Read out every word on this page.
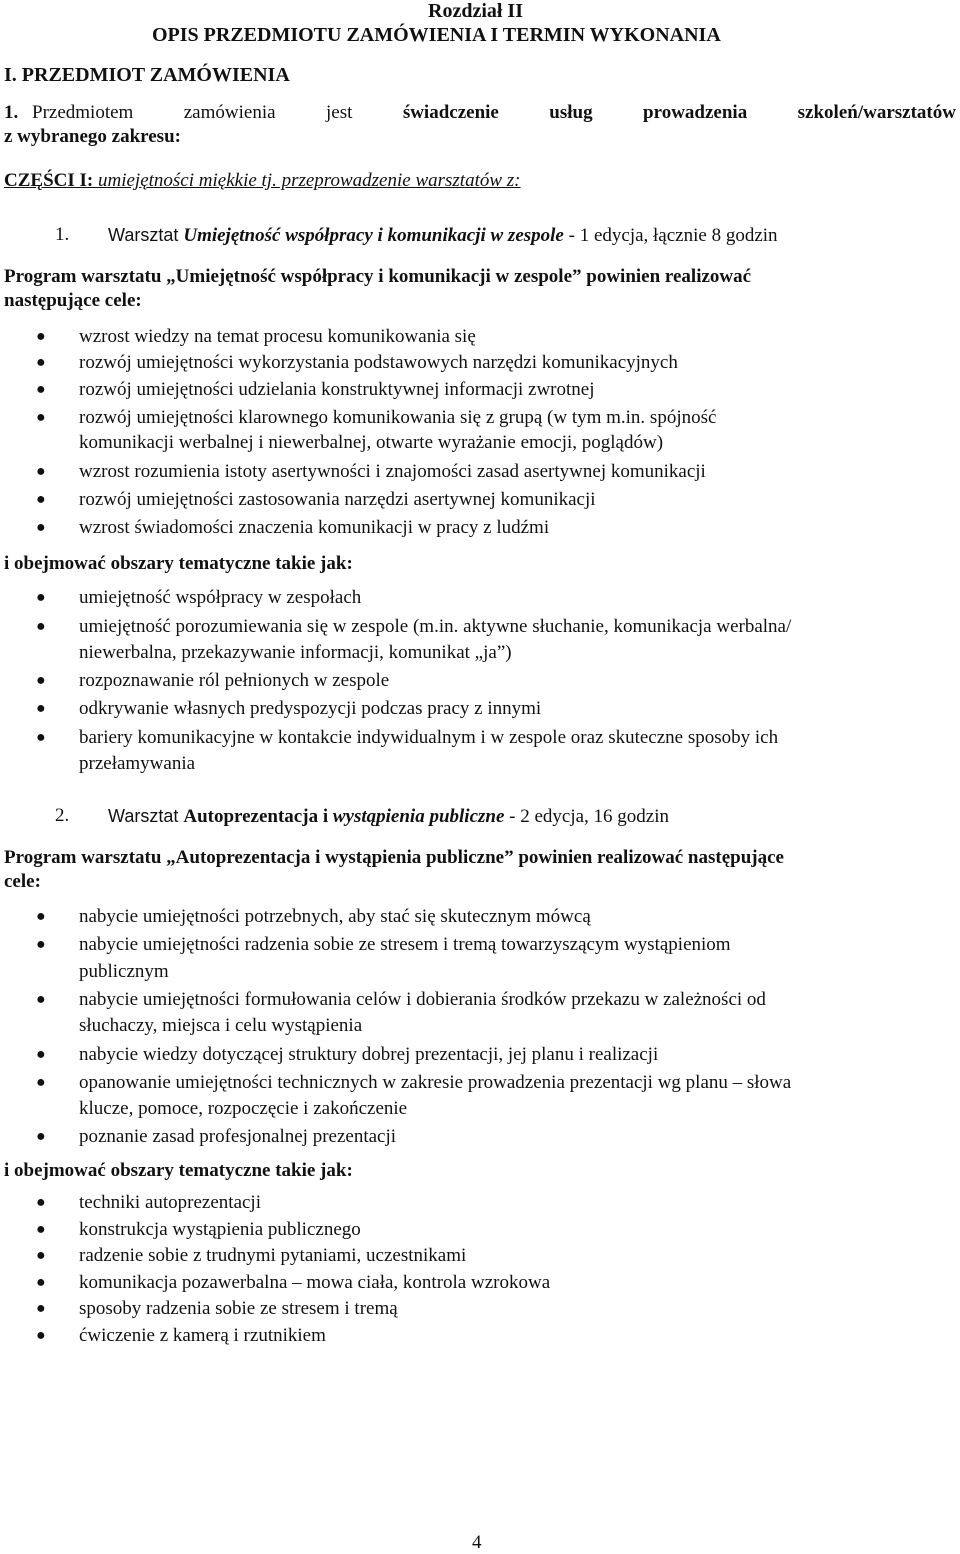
Rozdział II
OPIS PRZEDMIOTU ZAMÓWIENIA I TERMIN WYKONANIA
I. PRZEDMIOT ZAMÓWIENIA
1. Przedmiotem	zamówienia	jest	świadczenie	usług	prowadzenia	szkoleń/warsztatów
z wybranego zakresu:
CZĘŚCI I: umiejętności miękkie tj. przeprowadzenie warsztatów z:
1. Warsztat Umiejętność współpracy i komunikacji w zespole - 1 edycja, łącznie 8 godzin
Program warsztatu „Umiejętność współpracy i komunikacji w zespole” powinien realizować
następujące cele:
● wzrost wiedzy na temat procesu komunikowania się
● rozwój umiejętności wykorzystania podstawowych narzędzi komunikacyjnych
● rozwój umiejętności udzielania konstruktywnej informacji zwrotnej
● rozwój umiejętności klarownego komunikowania się z grupą (w tym m.in. spójność
komunikacji werbalnej i niewerbalnej, otwarte wyrażanie emocji, poglądów)
● wzrost rozumienia istoty asertywności i znajomości zasad asertywnej komunikacji
● rozwój umiejętności zastosowania narzędzi asertywnej komunikacji
● wzrost świadomości znaczenia komunikacji w pracy z ludźmi
i obejmować obszary tematyczne takie jak:
● umiejętność współpracy w zespołach
● umiejętność porozumiewania się w zespole (m.in. aktywne słuchanie, komunikacja werbalna/
niewerbalna, przekazywanie informacji, komunikat „ja”)
● rozpoznawanie ról pełnionych w zespole
● odkrywanie własnych predyspozycji podczas pracy z innymi
● bariery komunikacyjne w kontakcie indywidualnym i w zespole oraz skuteczne sposoby ich
przełamywania
2. Warsztat Autoprezentacja i wystąpienia publiczne - 2 edycja, 16 godzin
Program warsztatu „Autoprezentacja i wystąpienia publiczne” powinien realizować następujące
cele:
● nabycie umiejętności potrzebnych, aby stać się skutecznym mówcą
● nabycie umiejętności radzenia sobie ze stresem i tremą towarzyszącym wystąpieniom
publicznym
● nabycie umiejętności formułowania celów i dobierania środków przekazu w zależności od
słuchaczy, miejsca i celu wystąpienia
● nabycie wiedzy dotyczącej struktury dobrej prezentacji, jej planu i realizacji
● opanowanie umiejętności technicznych w zakresie prowadzenia prezentacji wg planu – słowa
klucze, pomoce, rozpoczęcie i zakończenie
● poznanie zasad profesjonalnej prezentacji
i obejmować obszary tematyczne takie jak:
● techniki autoprezentacji
● konstrukcja wystąpienia publicznego
● radzenie sobie z trudnymi pytaniami, uczestnikami
● komunikacja pozawerbalna – mowa ciała, kontrola wzrokowa
● sposoby radzenia sobie ze stresem i tremą
● ćwiczenie z kamerą i rzutnikiem
4
